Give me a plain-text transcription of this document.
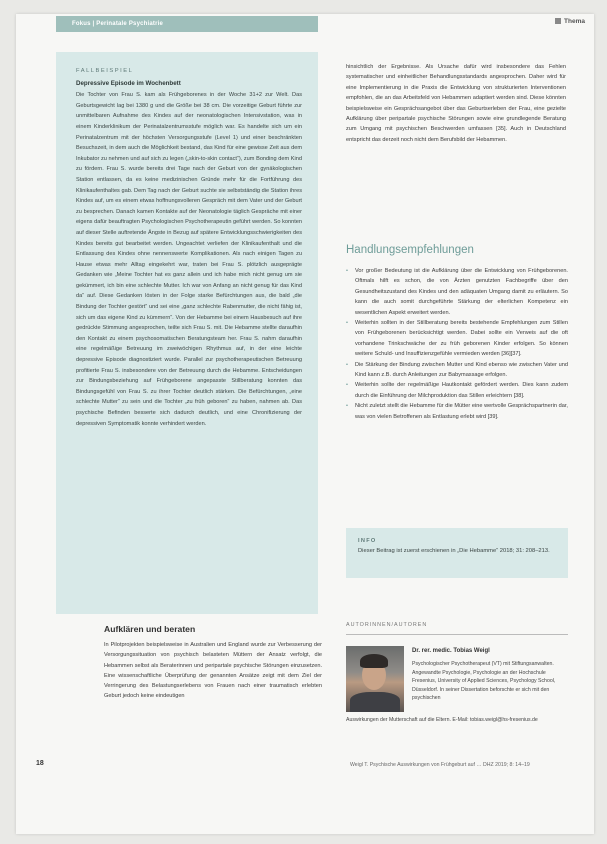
Fokus | Perinatale Psychiatrie	Thema
FALLBEISPIEL
Depressive Episode im Wochenbett

Die Tochter von Frau S. kam als Frühgeborenes in der Woche 31+2 zur Welt. Das Geburtsgewicht lag bei 1380 g und die Größe bei 38 cm. Die vorzeitige Geburt führte zur unmittelbaren Aufnahme des Kindes auf der neonatologischen Intensivstation, was in einem Kinderklinikum der Perinatalzentrumsstufe möglich war. Es handelte sich um ein Perinatalzentrum mit der höchsten Versorgungsstufe (Level 1) und einer beschränkten Besuchszeit, in dem auch die Möglichkeit bestand, das Kind für eine gewisse Zeit aus dem Inkubator zu nehmen und auf sich zu legen („skin-to-skin contact“), zum Bonding dem Kind zu fördern. Frau S. wurde bereits drei Tage nach der Geburt von der gynäkologischen Station entlassen, da es keine medizinischen Gründe mehr für die Fortführung des Klinikaufenthaltes gab. Dem Tag nach der Geburt suchte sie selbstständig die Station ihres Kindes auf, um es einem etwas hoffnungsvolleren Gespräch mit dem Vater und der Geburt zu besprechen. Danach kamen Kontakte auf der Neonatologie täglich Gespräche mit einer eigens dafür beauftragten Psychologischen Psychotherapeutin geführt werden. So konnten auf dieser Stelle auftretende Ängste in Bezug auf spätere Entwicklungsschwierigkeiten des Kindes bereits gut bearbeitet werden. Ungeachtet verliefen der Klinikaufenthalt und die Entlassung des Kindes ohne nennenswerte Komplikationen. Als nach einigen Tagen zu Hause etwas mehr Alltag eingekehrt war, traten bei Frau S. plötzlich ausgeprägte Gedanken wie „Meine Tochter hat es ganz allein und ich habe mich nicht genug um sie gekümmert, ich bin eine schlechte Mutter. Ich war von Anfang an nicht genug für das Kind da“ auf. Diese Gedanken lösten in der Folge starke Befürchtungen aus, die bald „die Bindung der Tochter gestört“ und sei eine „ganz schlechte Rabenmutter, die nicht fähig ist, sich um das eigene Kind zu kümmern“. Von der Hebamme bei einem Hausbesuch auf ihre gedrückte Stimmung angesprochen, teilte sich Frau S. mit. Die Hebamme stellte daraufhin den Kontakt zu einem psychosomatischen Beratungsteam her. Frau S. nahm daraufhin eine regelmäßige Betreuung im zweiwöchigen Rhythmus auf, in der eine leichte depressive Episode diagnostiziert wurde. Parallel zur psychotherapeutischen Betreuung profitierte Frau S. insbesondere von der Betreuung durch die Hebamme. Entscheidungen zur Bindungsbeziehung auf Frühgeborene angepasste Stillberatung konnten das Bindungsgefühl von Frau S. zu ihrer Tochter deutlich stärken. Die Befürchtungen, „eine schlechte Mutter“ zu sein und die Tochter „zu früh geboren“ zu haben, nahmen ab. Das psychische Befinden besserte sich dadurch deutlich, und eine Chronifizierung der depressiven Symptomatik konnte verhindert werden.

Aufklären und beraten

In Pilotprojekten beispielsweise in Australien und England wurde zur Verbesserung der Versorgungssituation von psychisch belasteten Müttern der Ansatz verfolgt, die Hebammen selbst als Beraterinnen und peripartale psychische Störungen einzusetzen. Eine wissenschaftliche Überprüfung der genannten Ansätze zeigt mit dem Ziel der Verringerung des Belastungserlebens von Frauen nach einer traumatisch erlebten Geburt jedoch keine eindeutigen

hinsichtlich der Ergebnisse. Als Ursache dafür wird insbesondere das Fehlen systematischer und einheitlicher Behandlungsstandards angesprochen. Daher wird für eine Implementierung in die Praxis die Entwicklung von strukturierten Interventionen empfohlen, die an das Arbeitsfeld von Hebammen adaptiert werden sind. Diese könnten beispielsweise ein Gesprächsangebot über das Geburtserleben der Frau, eine gezielte Aufklärung über peripartale psychische Störungen sowie eine grundlegende Beratung zum Umgang mit psychischen Beschwerden umfassen [35]. Auch in Deutschland entspricht das derzeit noch nicht dem Berufsbild der Hebammen.

Handlungsempfehlungen
• Vor großer Bedeutung ist die Aufklärung über die Entwicklung von Frühgeborenen. Oftmals hilft es schon, die von Ärzten genutzten Fachbegriffe über den Gesundheitszustand des Kindes und den adäquaten Umgang damit zu erläutern. So kann die auch somit durchgeführte Stärkung der elterlichen Kompetenz ein wesentlichen Aspekt erweitert werden.
• Weiterhin sollten in der Stillberatung bereits bestehende Empfehlungen zum Stillen von Frühgeborenen berücksichtigt werden. Dabei sollte ein Verweis auf die oft vorhandene Trinkschwäche der zu früh geborenen Kinder erfolgen. So können weitere Schuld- und Insuffizienzgefühle vermieden werden [36][37].
• Die Stärkung der Bindung zwischen Mutter und Kind ebenso wie zwischen Vater und Kind kann z.B. durch Anleitungen zur Babymassage erfolgen.
• Weiterhin sollte der regelmäßige Hautkontakt gefördert werden. Dies kann zudem durch die Einführung der Milchproduktion das Stillen erleichtern [38].
• Nicht zuletzt stellt die Hebamme für die Mütter eine wertvolle Gesprächspartnerin dar, was von vielen Betroffenen als Entlastung erlebt wird [39].
INFO
Dieser Beitrag ist zuerst erschienen in „Die Hebamme“ 2018; 31: 208–213.
AUTORINNEN/AUTOREN
Dr. rer. medic. Tobias Weigl
Psychologischer Psychotherapeut (VT) mit Stiftungsanwalten. Angewandte Psychologie, Psychologie an der Hochschule Fresenius, University of Applied Sciences, Psychology School, Düsseldorf. In seiner Dissertation beforschte er sich mit den psychischen
Auswirkungen der Mutterschaft auf die Eltern. E-Mail: tobias.weigl@hs-fresenius.de
18	Weigl T. Psychische Auswirkungen von Frühgeburt auf … DHZ 2019; 8: 14–19
